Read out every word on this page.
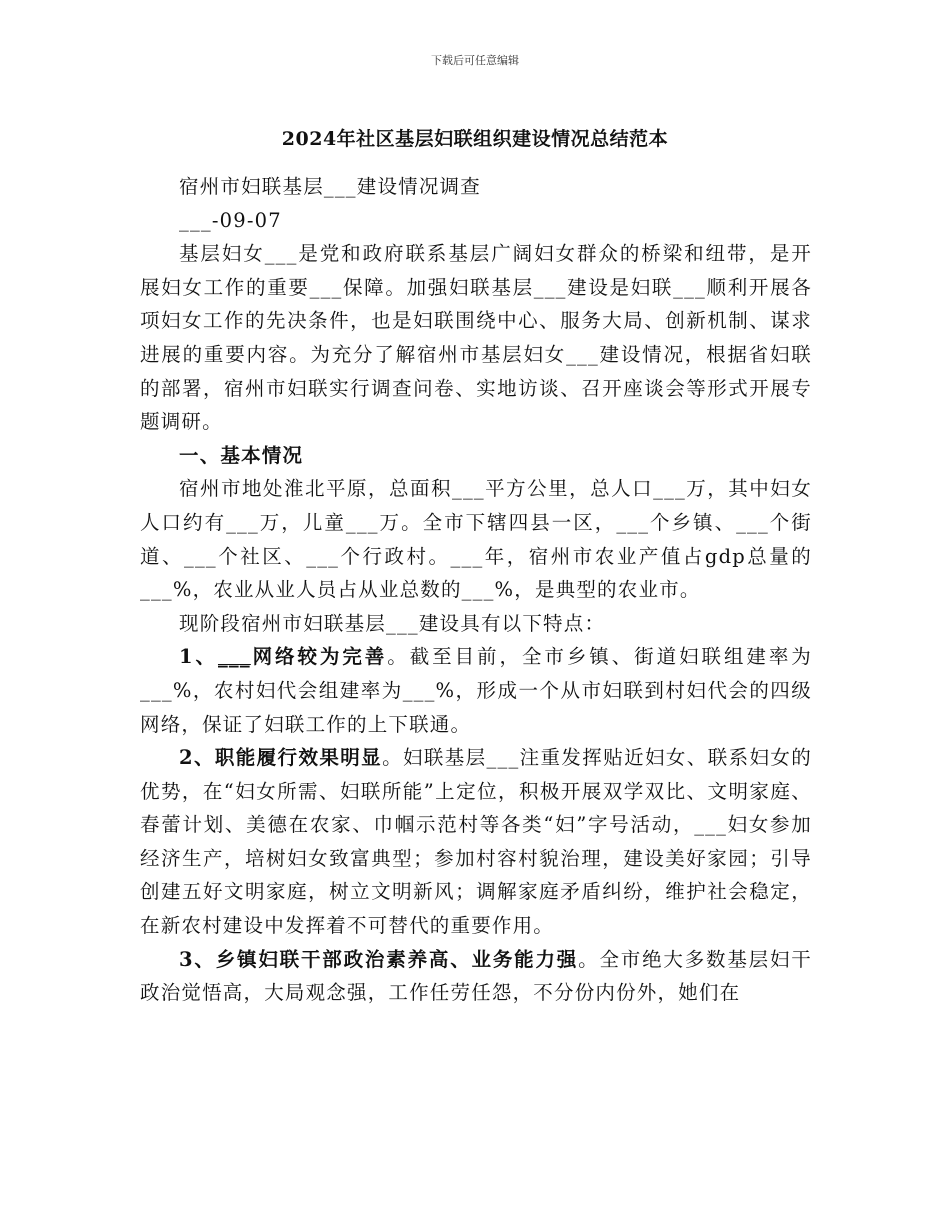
下载后可任意编辑
2024年社区基层妇联组织建设情况总结范本

宿州市妇联基层___建设情况调查

___-09-07

基层妇女___是党和政府联系基层广阔妇女群众的桥梁和纽带，是开展妇女工作的重要___保障。加强妇联基层___建设是妇联___顺利开展各项妇女工作的先决条件，也是妇联围绕中心、服务大局、创新机制、谋求进展的重要内容。为充分了解宿州市基层妇女___建设情况，根据省妇联的部署，宿州市妇联实行调查问卷、实地访谈、召开座谈会等形式开展专题调研。

一、基本情况

宿州市地处淮北平原，总面积___平方公里，总人口___万，其中妇女人口约有___万，儿童___万。全市下辖四县一区，___个乡镇、___个街道、___个社区、___个行政村。___年，宿州市农业产值占gdp总量的___%，农业从业人员占从业总数的___%，是典型的农业市。

现阶段宿州市妇联基层___建设具有以下特点：

1、___网络较为完善。截至目前，全市乡镇、街道妇联组建率为___%，农村妇代会组建率为___%，形成一个从市妇联到村妇代会的四级网络，保证了妇联工作的上下联通。

2、职能履行效果明显。妇联基层___注重发挥贴近妇女、联系妇女的优势，在“妇女所需、妇联所能”上定位，积极开展双学双比、文明家庭、春蕾计划、美德在农家、巾帼示范村等各类“妇”字号活动，___妇女参加经济生产，培树妇女致富典型；参加村容村貌治理，建设美好家园；引导创建五好文明家庭，树立文明新风；调解家庭矛盾纠纷，维护社会稳定，在新农村建设中发挥着不可替代的重要作用。

3、乡镇妇联干部政治素养高、业务能力强。全市绝大多数基层妇干政治觉悟高，大局观念强，工作任劳任怨，不分份内份外，她们在
